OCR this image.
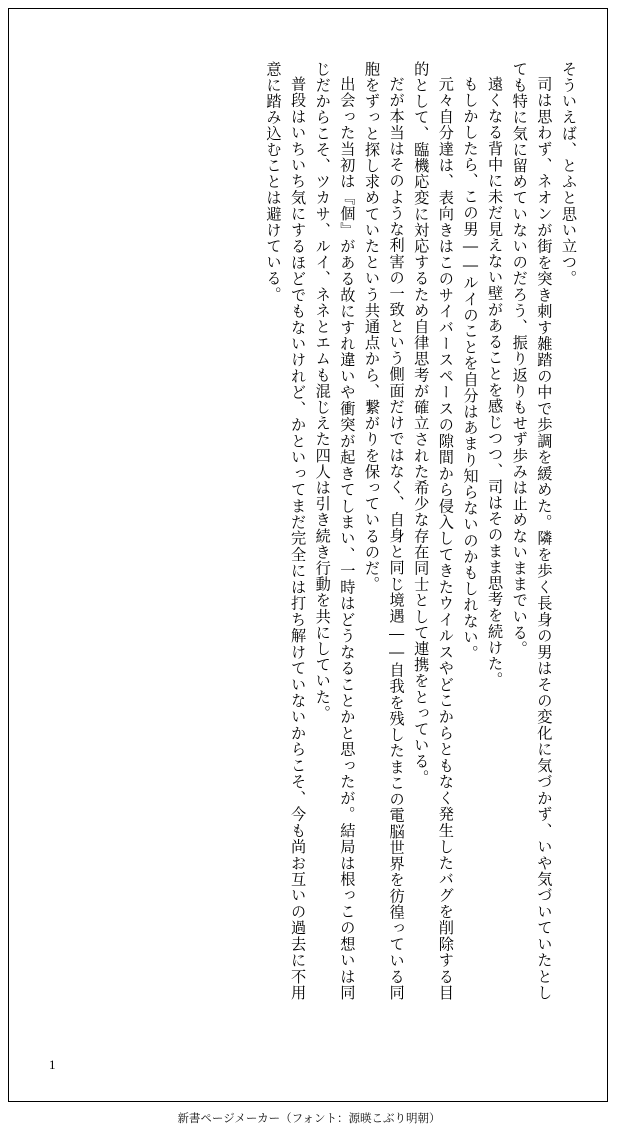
そういえば、とふと思い立つ。

司は思わず、ネオンが街を突き刺す雑踏の中で歩調を緩めた。隣を歩く長身の男はその変化に気づかず、いや気づいていたとしても特に気に留めていないのだろう、振り返りもせず歩みは止めないままでいる。

遠くなる背中に未だ見えない壁があることを感じつつ、司はそのまま思考を続けた。

もしかしたら、この男――ルイのことを自分はあまり知らないのかもしれない。

元々自分達は、表向きはこのサイバースペースの隙間から侵入してきたウイルスやどこからともなく発生したバグを削除する目的として、臨機応変に対応するため自律思考が確立された希少な存在同士として連携をとっている。

だが本当はそのような利害の一致という側面だけではなく、自身と同じ境遇――自我を残したまこの電脳世界を彷徨っている同胞をずっと探し求めていたという共通点から、繋がりを保っているのだ。

出会った当初は『個』がある故にすれ違いや衝突が起きてしまい、一時はどうなることかと思ったが。結局は根っこの想いは同じだからこそ、ツカサ、ルイ、ネネとエムも混じえた四人は引き続き行動を共にしていた。

普段はいちいち気にするほどでもないけれど、かといってまだ完全には打ち解けていないからこそ、今も尚お互いの過去に不用意に踏み込むことは避けている。

1
新書ページメーカー（フォント：源暎こぶり明朝）
